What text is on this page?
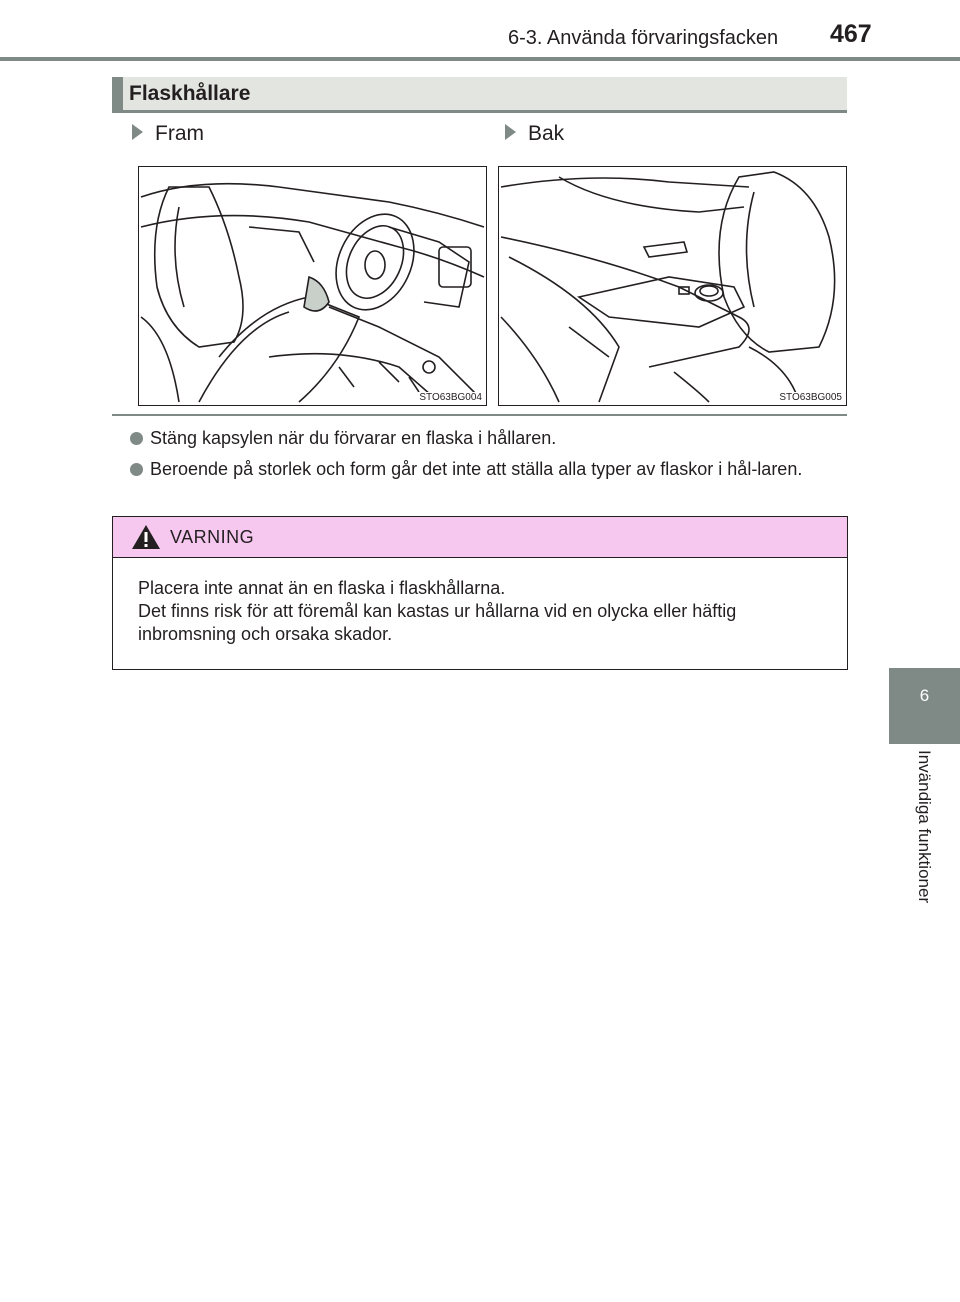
6-3. Använda förvaringsfacken 467
6
Invändiga funktioner
Flaskhållare
Fram	Bak
STO63BG004	STO63BG005
Stäng kapsylen när du förvarar en flaska i hållaren.
Beroende på storlek och form går det inte att ställa alla typer av flaskor i hål-laren.
VARNING
Placera inte annat än en flaska i flaskhållarna.
Det finns risk för att föremål kan kastas ur hållarna vid en olycka eller häftig inbromsning och orsaka skador.
